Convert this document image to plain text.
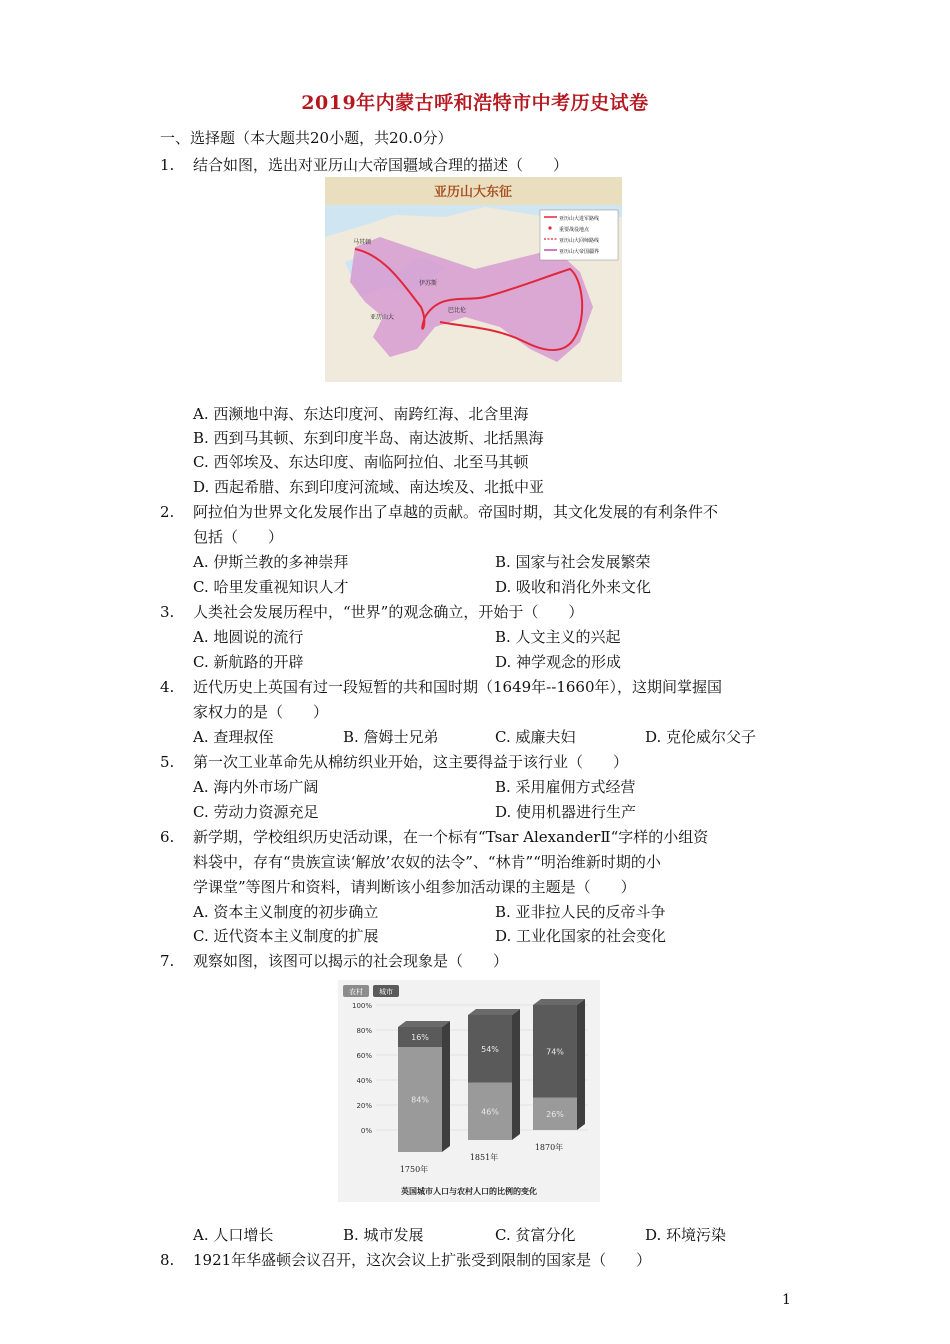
2019年内蒙古呼和浩特市中考历史试卷
一、选择题（本大题共20小题，共20.0分）
1. 结合如图，选出对亚历山大帝国疆域合理的描述（　　）
亚历山大东征
亚历山大进军路线
重要战役地点
亚历山大回师路线
亚历山大帝国疆界
马其顿
伊苏斯
亚历山大
巴比伦
A. 西濒地中海、东达印度河、南跨红海、北含里海
B. 西到马其顿、东到印度半岛、南达波斯、北括黑海
C. 西邻埃及、东达印度、南临阿拉伯、北至马其顿
D. 西起希腊、东到印度河流域、南达埃及、北抵中亚
2. 阿拉伯为世界文化发展作出了卓越的贡献。帝国时期，其文化发展的有利条件不
包括（　　）
A. 伊斯兰教的多神崇拜	B. 国家与社会发展繁荣
C. 哈里发重视知识人才	D. 吸收和消化外来文化
3. 人类社会发展历程中，“世界”的观念确立，开始于（　　）
A. 地圆说的流行	B. 人文主义的兴起
C. 新航路的开辟	D. 神学观念的形成
4. 近代历史上英国有过一段短暂的共和国时期（1649年--1660年），这期间掌握国
家权力的是（　　）
A. 查理叔侄	B. 詹姆士兄弟	C. 威廉夫妇	D. 克伦威尔父子
5. 第一次工业革命先从棉纺织业开始，这主要得益于该行业（　　）
A. 海内外市场广阔	B. 采用雇佣方式经营
C. 劳动力资源充足	D. 使用机器进行生产
6. 新学期，学校组织历史活动课，在一个标有“Tsar AlexanderⅡ“字样的小组资
料袋中，存有“贵族宣读‘解放’农奴的法令”、“林肯”“明治维新时期的小
学课堂”等图片和资料，请判断该小组参加活动课的主题是（　　）
A. 资本主义制度的初步确立	B. 亚非拉人民的反帝斗争
C. 近代资本主义制度的扩展	D. 工业化国家的社会变化
7. 观察如图，该图可以揭示的社会现象是（　　）
100%
80%
60%
40%
20%
0%
16%
84%
1750年
54%
46%
1851年
74%
26%
1870年
农村 城市
英国城市人口与农村人口的比例的变化
A. 人口增长	B. 城市发展	C. 贫富分化	D. 环境污染
8. 1921年华盛顿会议召开，这次会议上扩张受到限制的国家是（　　）
1
